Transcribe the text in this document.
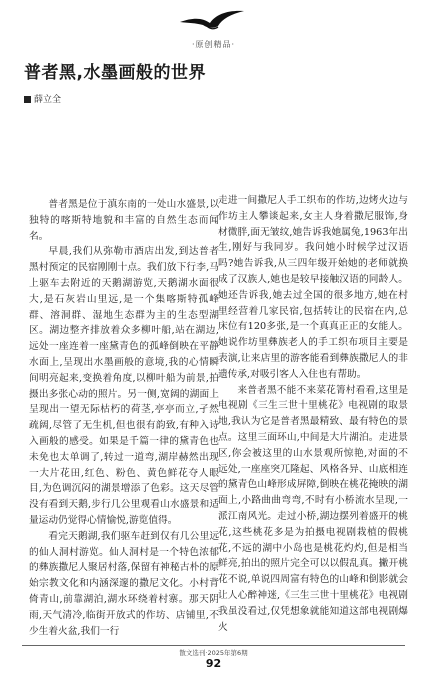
·原创精品·
普者黑,水墨画般的世界
薛立全

普者黑是位于滇东南的一处山水盛景,以独特的喀斯特地貌和丰富的自然生态而闻名。

早晨,我们从弥勒市酒店出发,到达普者黑村预定的民宿刚刚十点。我们放下行李,马上驱车去附近的天鹅湖游览,天鹅湖水面很大,是石灰岩山里远,是一个集喀斯特孤峰群、溶洞群、湿地生态群为主的生态型湖区。湖边整齐排放着众多柳叶船,站在湖边,远处一座连着一座黛青色的孤峰倒映在平静水面上,呈现出水墨画般的意境,我的心情瞬间明亮起来,变换着角度,以柳叶船为前景,拍摄出多张心动的照片。另一侧,宽阔的湖面上呈现出一望无际枯朽的荷茎,亭亭而立,孑然疏阔,尽管了无生机,但也很有韵致,有种入诗入画般的感受。如果是千篇一律的黛青色也未免也太单调了,转过一道弯,湖岸赫然出现一大片花田,红色、粉色、黄色鲜花夺人眼目,为色调沉闷的湖景增添了色彩。这天尽管没有看到天鹅,步行几公里观看山水盛景和适量运动仍觉得心情愉悦,游览值得。

看完天鹅湖,我们驱车赶到仅有几公里远的仙人洞村游览。仙人洞村是一个特色浓郁的彝族撒尼人聚居村落,保留有神秘古朴的原始宗教文化和内涵深邃的撒尼文化。小村背倚青山,前靠湖泊,湖水环绕着村寨。那天阴雨,天气清冷,临街开放式的作坊、店铺里,不少生着火盆,我们一行

走进一间撒尼人手工织布的作坊,边烤火边与作坊主人攀谈起来,女主人身着撒尼服饰,身材微胖,面无皱纹,她告诉我她属兔,1963年出生,刚好与我同岁。我问她小时候学过汉语吗?她告诉我,从三四年级开始她的老师就换成了汉族人,她也是较早接触汉语的同龄人。她还告诉我,她去过全国的很多地方,她在村里经营着几家民宿,包括转让的民宿在内,总床位有120多张,是一个真真正正的女能人。她说作坊里彝族老人的手工织布项目主要是表演,让来店里的游客能看到彝族撒尼人的非遗传承,对吸引客人入住也有帮助。

来普者黑不能不来菜花箐村看看,这里是电视剧《三生三世十里桃花》电视剧的取景地,我认为它是普者黑最精致、最有特色的景点。这里三面环山,中间是大片湖泊。走进景区,你会被这里的山水景观所惊艳,对面的不远处,一座座突兀隆起、风格各异、山底相连的黛青色山峰形成屏障,倒映在桃花掩映的湖面上,小路曲曲弯弯,不时有小桥流水呈现,一派江南风光。走过小桥,湖边摆列着盛开的桃花,这些桃花多是为拍摄电视剧栽植的假桃花,不远的湖中小岛也是桃花灼灼,但是相当鲜亮,拍出的照片完全可以以假乱真。撇开桃花不说,单说四周富有特色的山峰和倒影就会让人心醉神迷,《三生三世十里桃花》电视剧我虽没看过,仅凭想象就能知道这部电视剧爆火

散文选刊·2025年第6期
92
